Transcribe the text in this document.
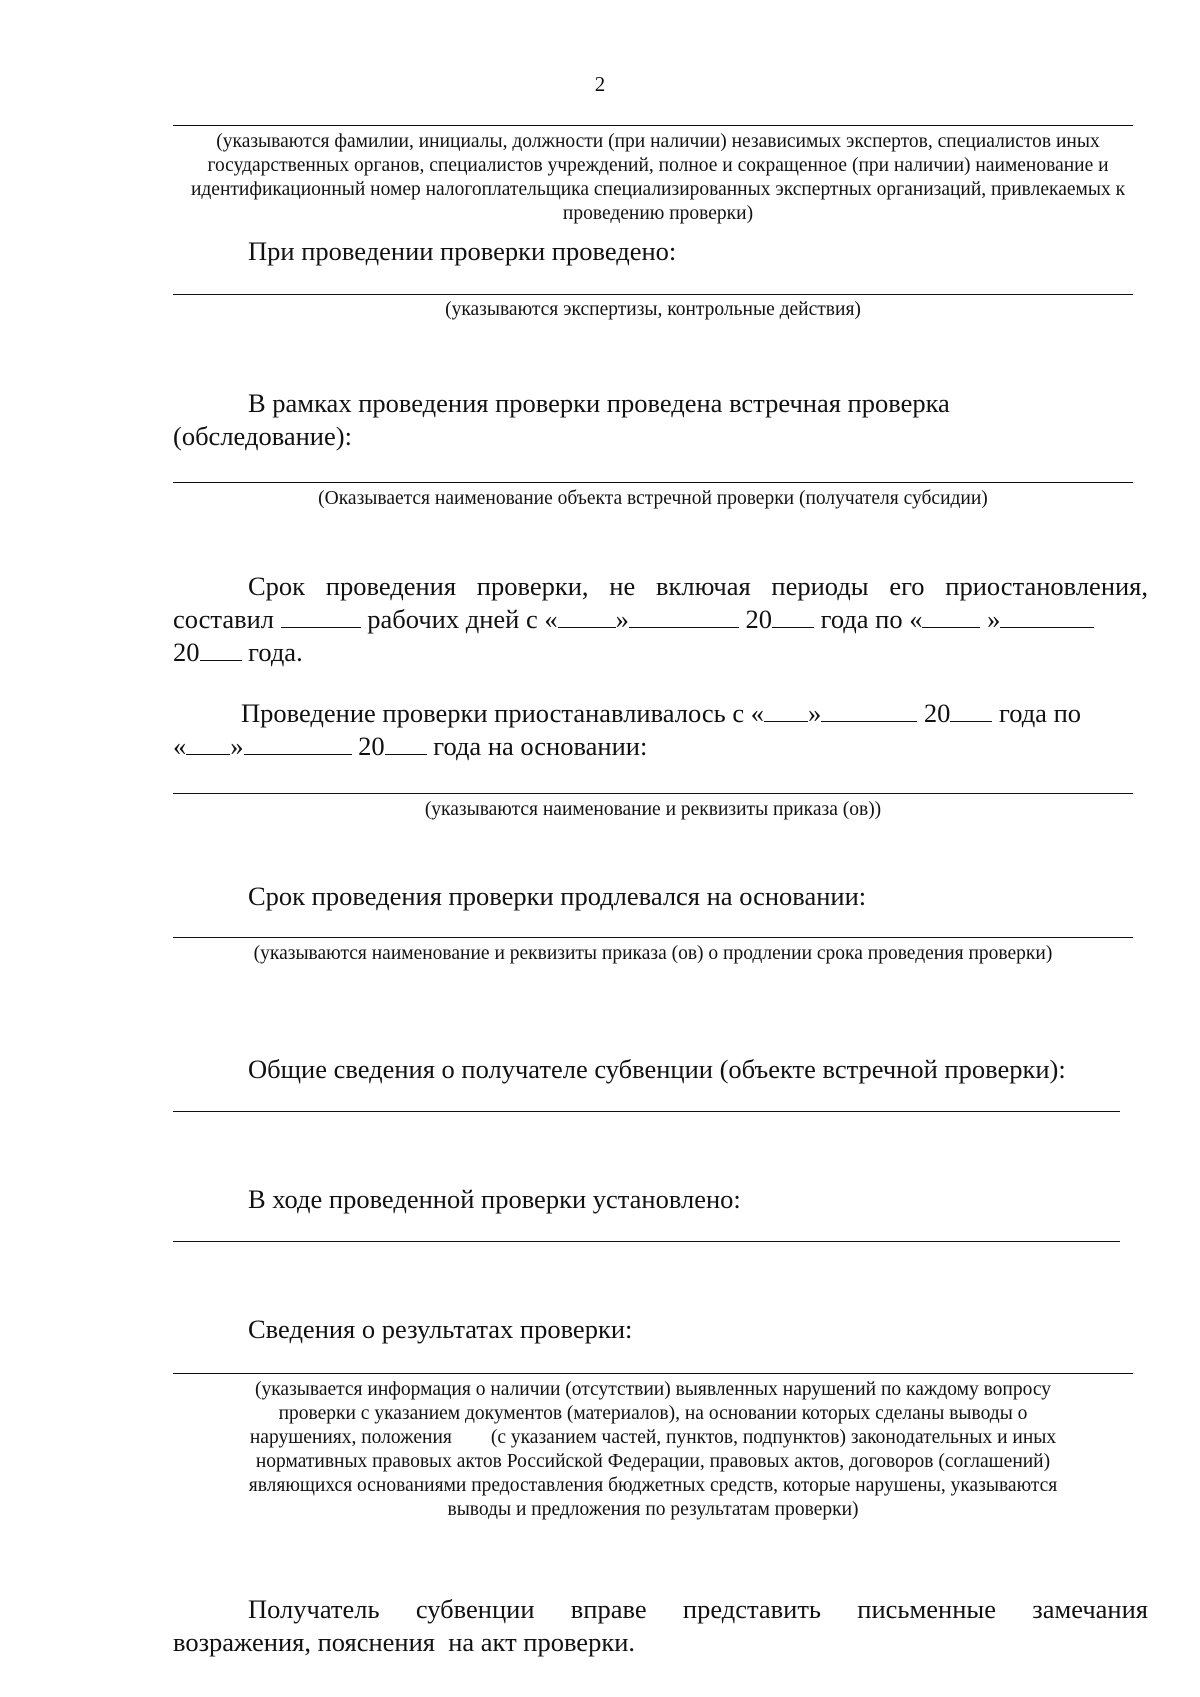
2
(указываются фамилии, инициалы, должности (при наличии) независимых экспертов, специалистов иных государственных органов, специалистов учреждений, полное и сокращенное (при наличии) наименование и идентификационный номер налогоплательщика специализированных экспертных организаций, привлекаемых к проведению проверки)
При проведении проверки проведено:
(указываются экспертизы, контрольные действия)
В рамках проведения проверки проведена встречная проверка
(обследование):
(Оказывается наименование объекта встречной проверки (получателя субсидии)
Срок проведения проверки, не включая периоды его приостановления,
составил	рабочих дней с « »	20 года по « »
20 года.
Проведение проверки приостанавливалось с « »	20 года по
« »	20 года на основании:
(указываются наименование и реквизиты приказа (ов))
Срок проведения проверки продлевался на основании:
(указываются наименование и реквизиты приказа (ов) о продлении срока проведения проверки)
Общие сведения о получателе субвенции (объекте встречной проверки):
В ходе проведенной проверки установлено:
Сведения о результатах проверки:
(указывается информация о наличии (отсутствии) выявленных нарушений по каждому вопросу
проверки с указанием документов (материалов), на основании которых сделаны выводы о
нарушениях, положения        (с указанием частей, пунктов, подпунктов) законодательных и иных
нормативных правовых актов Российской Федерации, правовых актов, договоров (соглашений)
являющихся основаниями предоставления бюджетных средств, которые нарушены, указываются
выводы и предложения по результатам проверки)
Получатель субвенции вправе представить письменные замечания
возражения, пояснения  на акт проверки.
